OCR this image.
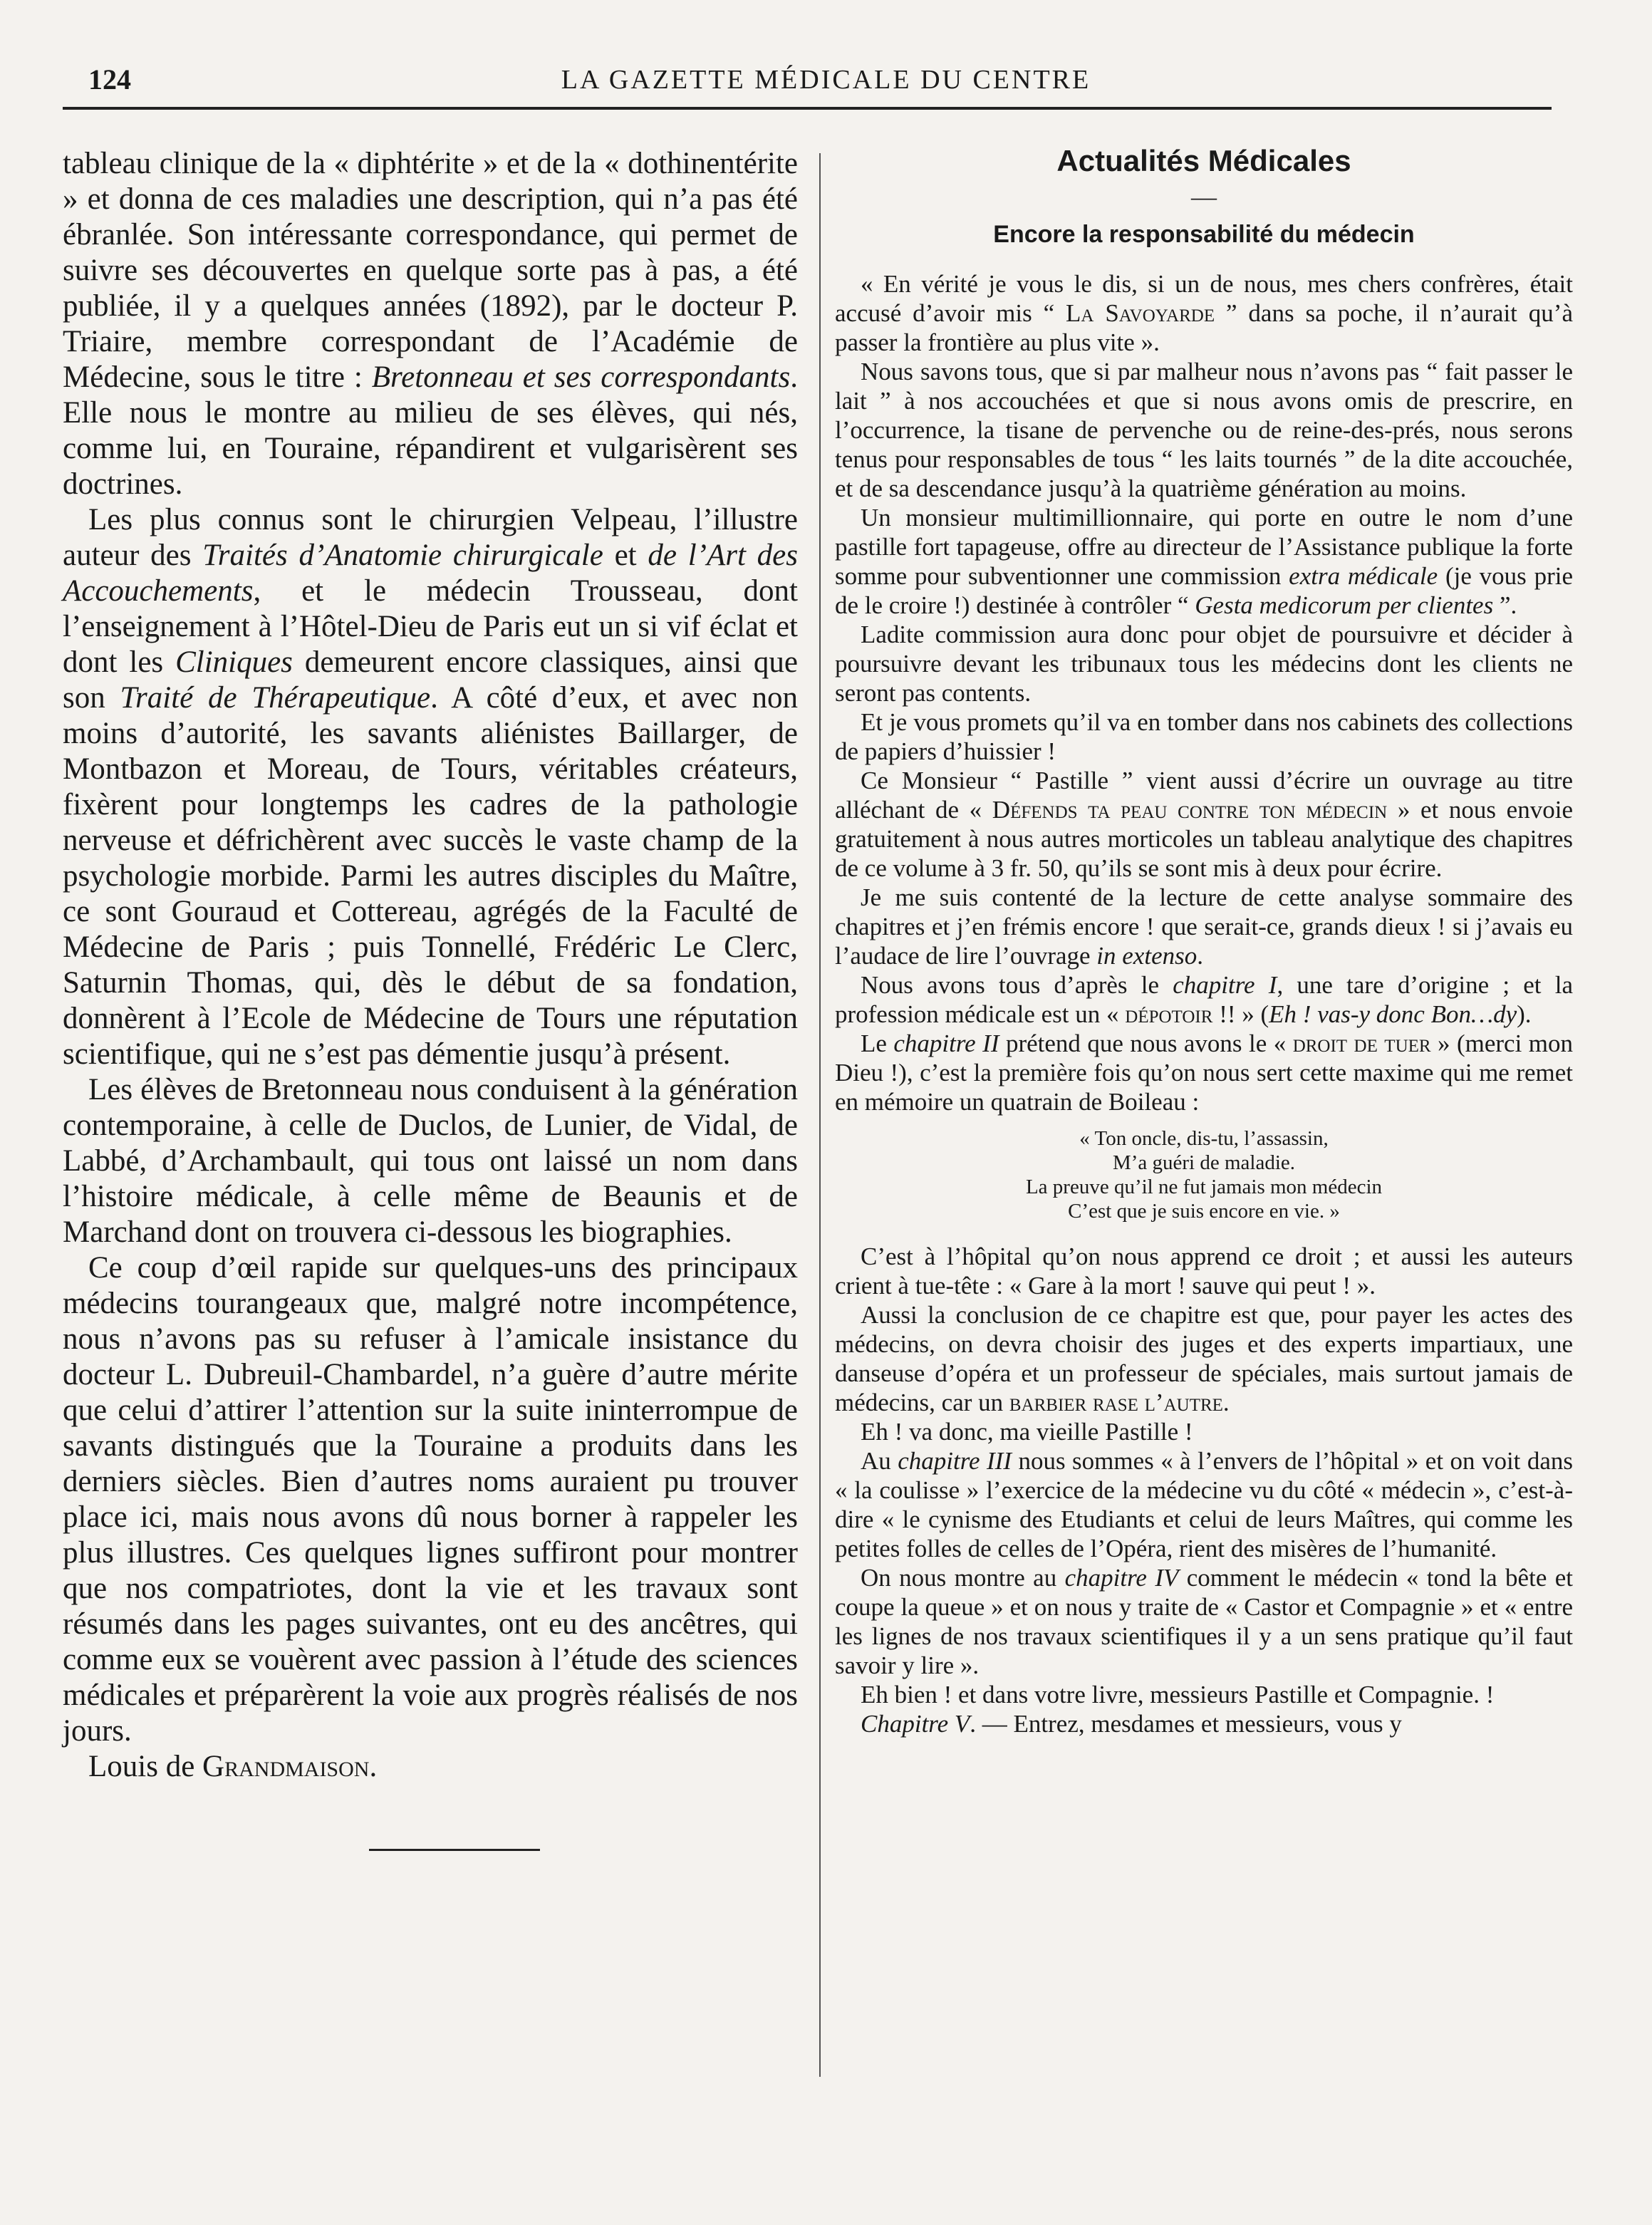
124	LA GAZETTE MÉDICALE DU CENTRE

tableau clinique de la « diphtérite » et de la « dothinentérite » et donna de ces maladies une description, qui n’a pas été ébranlée. Son intéressante correspondance, qui permet de suivre ses découvertes en quelque sorte pas à pas, a été publiée, il y a quelques années (1892), par le docteur P. Triaire, membre correspondant de l’Académie de Médecine, sous le titre : Bretonneau et ses correspondants. Elle nous le montre au milieu de ses élèves, qui nés, comme lui, en Touraine, répandirent et vulgarisèrent ses doctrines.

Les plus connus sont le chirurgien Velpeau, l’illustre auteur des Traités d’Anatomie chirurgicale et de l’Art des Accouchements, et le médecin Trousseau, dont l’enseignement à l’Hôtel-Dieu de Paris eut un si vif éclat et dont les Cliniques demeurent encore classiques, ainsi que son Traité de Thérapeutique. A côté d’eux, et avec non moins d’autorité, les savants aliénistes Baillarger, de Montbazon et Moreau, de Tours, véritables créateurs, fixèrent pour longtemps les cadres de la pathologie nerveuse et défrichèrent avec succès le vaste champ de la psychologie morbide. Parmi les autres disciples du Maître, ce sont Gouraud et Cottereau, agrégés de la Faculté de Médecine de Paris ; puis Tonnellé, Frédéric Le Clerc, Saturnin Thomas, qui, dès le début de sa fondation, donnèrent à l’Ecole de Médecine de Tours une réputation scientifique, qui ne s’est pas démentie jusqu’à présent.

Les élèves de Bretonneau nous conduisent à la génération contemporaine, à celle de Duclos, de Lunier, de Vidal, de Labbé, d’Archambault, qui tous ont laissé un nom dans l’histoire médicale, à celle même de Beaunis et de Marchand dont on trouvera ci-dessous les biographies.

Ce coup d’œil rapide sur quelques-uns des principaux médecins tourangeaux que, malgré notre incompétence, nous n’avons pas su refuser à l’amicale insistance du docteur L. Dubreuil-Chambardel, n’a guère d’autre mérite que celui d’attirer l’attention sur la suite ininterrompue de savants distingués que la Touraine a produits dans les derniers siècles. Bien d’autres noms auraient pu trouver place ici, mais nous avons dû nous borner à rappeler les plus illustres. Ces quelques lignes suffiront pour montrer que nos compatriotes, dont la vie et les travaux sont résumés dans les pages suivantes, ont eu des ancêtres, qui comme eux se vouèrent avec passion à l’étude des sciences médicales et préparèrent la voie aux progrès réalisés de nos jours.

Louis de Grandmaison.

Actualités Médicales
—
Encore la responsabilité du médecin

« En vérité je vous le dis, si un de nous, mes chers confrères, était accusé d’avoir mis “ La Savoyarde ” dans sa poche, il n’aurait qu’à passer la frontière au plus vite ».

Nous savons tous, que si par malheur nous n’avons pas “ fait passer le lait ” à nos accouchées et que si nous avons omis de prescrire, en l’occurrence, la tisane de pervenche ou de reine-des-prés, nous serons tenus pour responsables de tous “ les laits tournés ” de la dite accouchée, et de sa descendance jusqu’à la quatrième génération au moins.

Un monsieur multimillionnaire, qui porte en outre le nom d’une pastille fort tapageuse, offre au directeur de l’Assistance publique la forte somme pour subventionner une commission extra médicale (je vous prie de le croire !) destinée à contrôler “ Gesta medicorum per clientes ”.

Ladite commission aura donc pour objet de poursuivre et décider à poursuivre devant les tribunaux tous les médecins dont les clients ne seront pas contents.

Et je vous promets qu’il va en tomber dans nos cabinets des collections de papiers d’huissier !

Ce Monsieur “ Pastille ” vient aussi d’écrire un ouvrage au titre alléchant de « Défends ta peau contre ton médecin » et nous envoie gratuitement à nous autres morticoles un tableau analytique des chapitres de ce volume à 3 fr. 50, qu’ils se sont mis à deux pour écrire.

Je me suis contenté de la lecture de cette analyse sommaire des chapitres et j’en frémis encore ! que serait-ce, grands dieux ! si j’avais eu l’audace de lire l’ouvrage in extenso.

Nous avons tous d’après le chapitre I, une tare d’origine ; et la profession médicale est un « dépotoir !! » (Eh ! vas-y donc Bon…dy).

Le chapitre II prétend que nous avons le « droit de tuer » (merci mon Dieu !), c’est la première fois qu’on nous sert cette maxime qui me remet en mémoire un quatrain de Boileau :

« Ton oncle, dis-tu, l’assassin,
M’a guéri de maladie.
La preuve qu’il ne fut jamais mon médecin
C’est que je suis encore en vie. »

C’est à l’hôpital qu’on nous apprend ce droit ; et aussi les auteurs crient à tue-tête : « Gare à la mort ! sauve qui peut ! ».

Aussi la conclusion de ce chapitre est que, pour payer les actes des médecins, on devra choisir des juges et des experts impartiaux, une danseuse d’opéra et un professeur de spéciales, mais surtout jamais de médecins, car un barbier rase l’autre.

Eh ! va donc, ma vieille Pastille !

Au chapitre III nous sommes « à l’envers de l’hôpital » et on voit dans « la coulisse » l’exercice de la médecine vu du côté « médecin », c’est-à-dire « le cynisme des Etudiants et celui de leurs Maîtres, qui comme les petites folles de celles de l’Opéra, rient des misères de l’humanité.

On nous montre au chapitre IV comment le médecin « tond la bête et coupe la queue » et on nous y traite de « Castor et Compagnie » et « entre les lignes de nos travaux scientifiques il y a un sens pratique qu’il faut savoir y lire ».

Eh bien ! et dans votre livre, messieurs Pastille et Compagnie. !

Chapitre V. — Entrez, mesdames et messieurs, vous y
